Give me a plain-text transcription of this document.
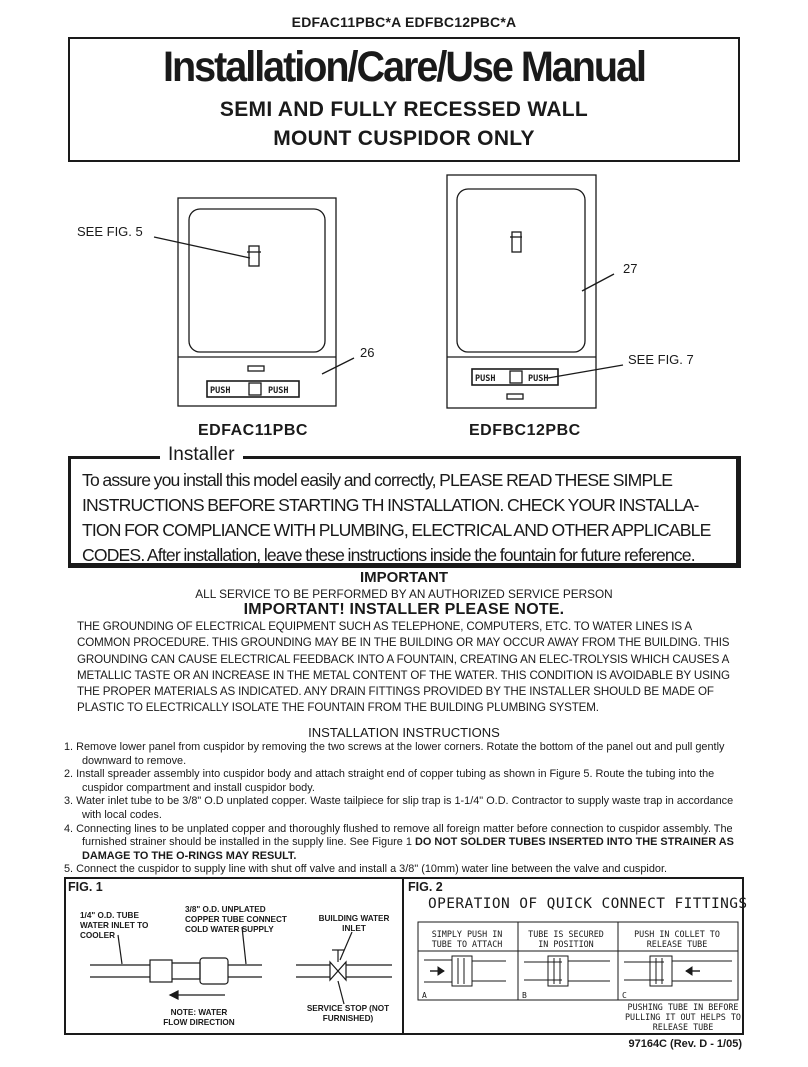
EDFAC11PBC*A EDFBC12PBC*A
Installation/Care/Use Manual
SEMI AND FULLY RECESSED WALL
MOUNT CUSPIDOR ONLY
PUSH	PUSH
PUSH	PUSH
SEE FIG. 5
26
27
SEE FIG. 7
EDFAC11PBC	EDFBC12PBC
Installer
To assure you install this model easily and correctly, PLEASE READ THESE SIMPLE INSTRUCTIONS BEFORE STARTING TH INSTALLATION. CHECK YOUR INSTALLA-TION FOR COMPLIANCE WITH PLUMBING, ELECTRICAL AND OTHER APPLICABLE CODES. After installation, leave these instructions inside the fountain for future reference.
IMPORTANT
ALL SERVICE TO BE PERFORMED BY AN AUTHORIZED SERVICE PERSON
IMPORTANT! INSTALLER PLEASE NOTE.
THE GROUNDING OF ELECTRICAL EQUIPMENT SUCH AS TELEPHONE, COMPUTERS, ETC. TO WATER LINES IS A COMMON PROCEDURE. THIS GROUNDING MAY BE IN THE BUILDING OR MAY OCCUR AWAY FROM THE BUILDING. THIS GROUNDING CAN CAUSE ELECTRICAL FEEDBACK INTO A FOUNTAIN, CREATING AN ELEC-TROLYSIS WHICH CAUSES A METALLIC TASTE OR AN INCREASE IN THE METAL CONTENT OF THE WATER. THIS CONDITION IS AVOIDABLE BY USING THE PROPER MATERIALS AS INDICATED. ANY DRAIN FITTINGS PROVIDED BY THE INSTALLER SHOULD BE MADE OF PLASTIC TO ELECTRICALLY ISOLATE THE FOUNTAIN FROM THE BUILDING PLUMBING SYSTEM.
INSTALLATION INSTRUCTIONS
1. Remove lower panel from cuspidor by removing the two screws at the lower corners. Rotate the bottom of the panel out and pull gently downward to remove.
2. Install spreader assembly into cuspidor body and attach straight end of copper tubing as shown in Figure 5. Route the tubing into the cuspidor compartment and install cuspidor body.
3. Water inlet tube to be 3/8" O.D unplated copper. Waste tailpiece for slip trap is 1-1/4" O.D. Contractor to supply waste trap in accordance with local codes.
4. Connecting lines to be unplated copper and thoroughly flushed to remove all foreign matter before connection to cuspidor assembly. The furnished strainer should be installed in the supply line. See Figure 1 DO NOT SOLDER TUBES INSERTED INTO THE STRAINER AS DAMAGE TO THE O-RINGS MAY RESULT.
5. Connect the cuspidor to supply line with shut off valve and install a 3/8" (10mm) water line between the valve and cuspidor.
FIG. 1	FIG. 2
1/4" O.D. TUBE WATER INLET TO COOLER
3/8" O.D. UNPLATED COPPER TUBE CONNECT COLD WATER SUPPLY
BUILDING WATER INLET
NOTE: WATER FLOW DIRECTION
SERVICE STOP (NOT FURNISHED)
OPERATION OF QUICK CONNECT FITTINGS
SIMPLY PUSH IN TUBE TO ATTACH
TUBE IS SECURED IN POSITION
PUSH IN COLLET TO RELEASE TUBE
A	B	C
PUSHING TUBE IN BEFORE PULLING IT OUT HELPS TO RELEASE TUBE
97164C (Rev. D - 1/05)
